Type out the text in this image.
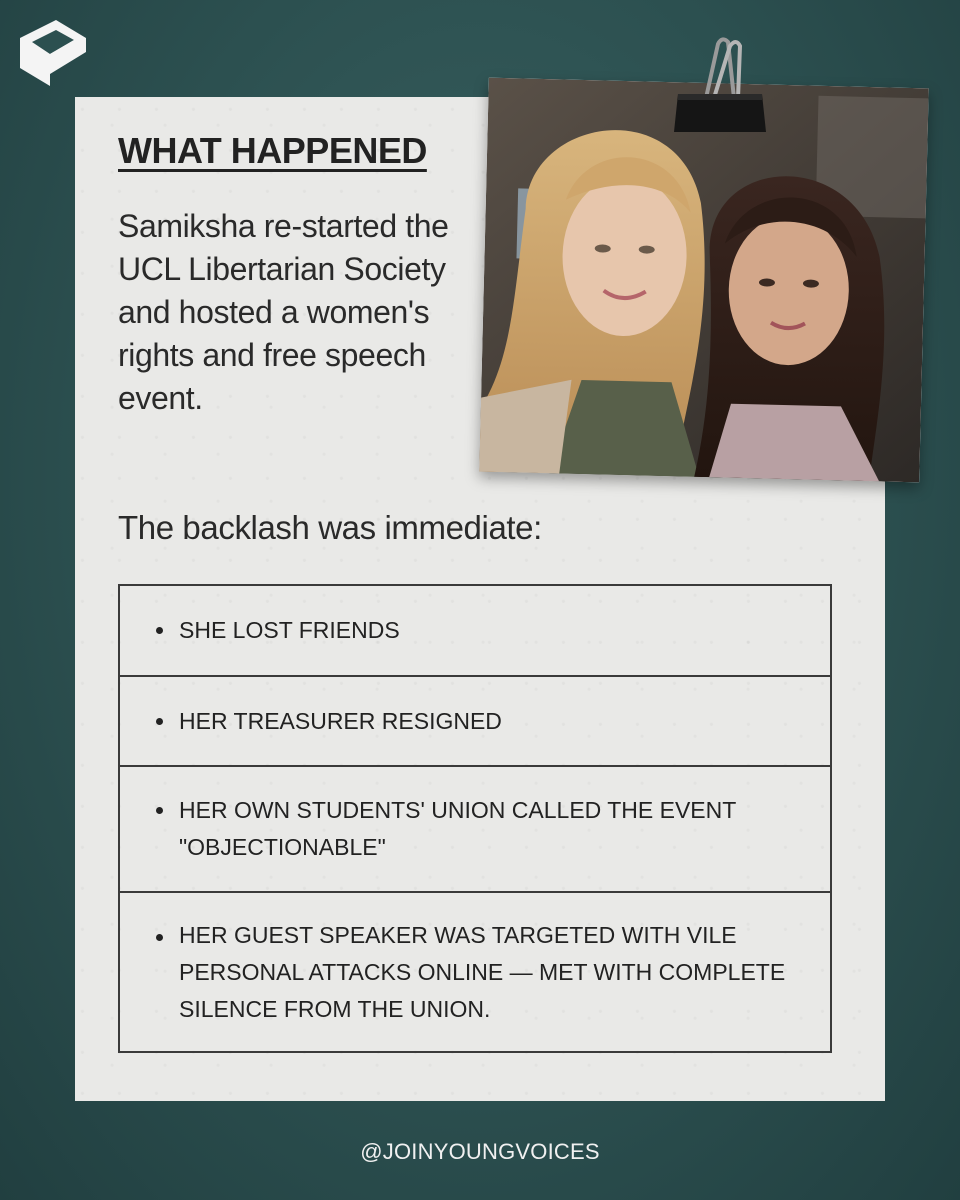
WHAT HAPPENED

Samiksha re-started the UCL Libertarian Society and hosted a women's rights and free speech event.

The backlash was immediate:

SHE LOST FRIENDS
HER TREASURER RESIGNED
HER OWN STUDENTS' UNION CALLED THE EVENT "OBJECTIONABLE"
HER GUEST SPEAKER WAS TARGETED WITH VILE PERSONAL ATTACKS ONLINE — MET WITH COMPLETE SILENCE FROM THE UNION.
@JOINYOUNGVOICES
